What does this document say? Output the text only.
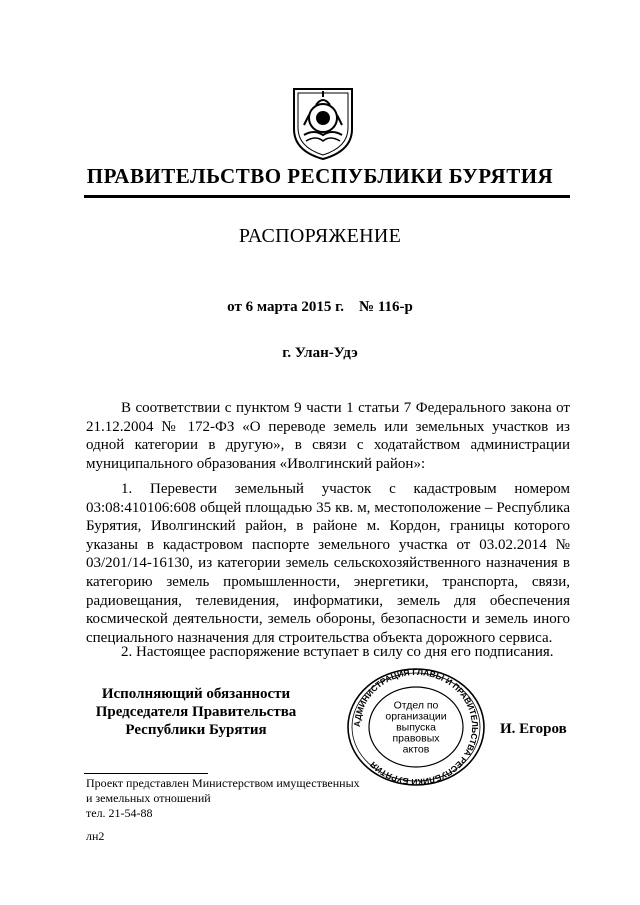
ПРАВИТЕЛЬСТВО РЕСПУБЛИКИ БУРЯТИЯ
РАСПОРЯЖЕНИЕ
от 6 марта 2015 г.    № 116-р
г. Улан-Удэ
В соответствии с пунктом 9 части 1 статьи 7 Федерального закона от 21.12.2004 № 172-ФЗ «О переводе земель или земельных участков из одной категории в другую», в связи с ходатайством администрации муниципального образования «Иволгинский район»:
1. Перевести земельный участок с кадастровым номером 03:08:410106:608 общей площадью 35 кв. м, местоположение – Республика Бурятия, Иволгинский район, в районе м. Кордон, границы которого указаны в кадастровом паспорте земельного участка от 03.02.2014 № 03/201/14-16130, из категории земель сельскохозяйственного назначения в категорию земель промышленности, энергетики, транспорта, связи, радиовещания, телевидения, информатики, земель для обеспечения космической деятельности, земель обороны, безопасности и земель иного специального назначения для строительства объекта дорожного сервиса.
2. Настоящее распоряжение вступает в силу со дня его подписания.
Исполняющий обязанности
Председателя Правительства
Республики Бурятия	АДМИНИСТРАЦИЯ ГЛАВЫ И ПРАВИТЕЛЬСТВА РЕСПУБЛИКИ БУРЯТИЯ
Отдел по
организации
выпуска
правовых
актов
И. Егоров
Проект представлен Министерством имущественных
и земельных отношений
тел. 21-54-88
лн2
